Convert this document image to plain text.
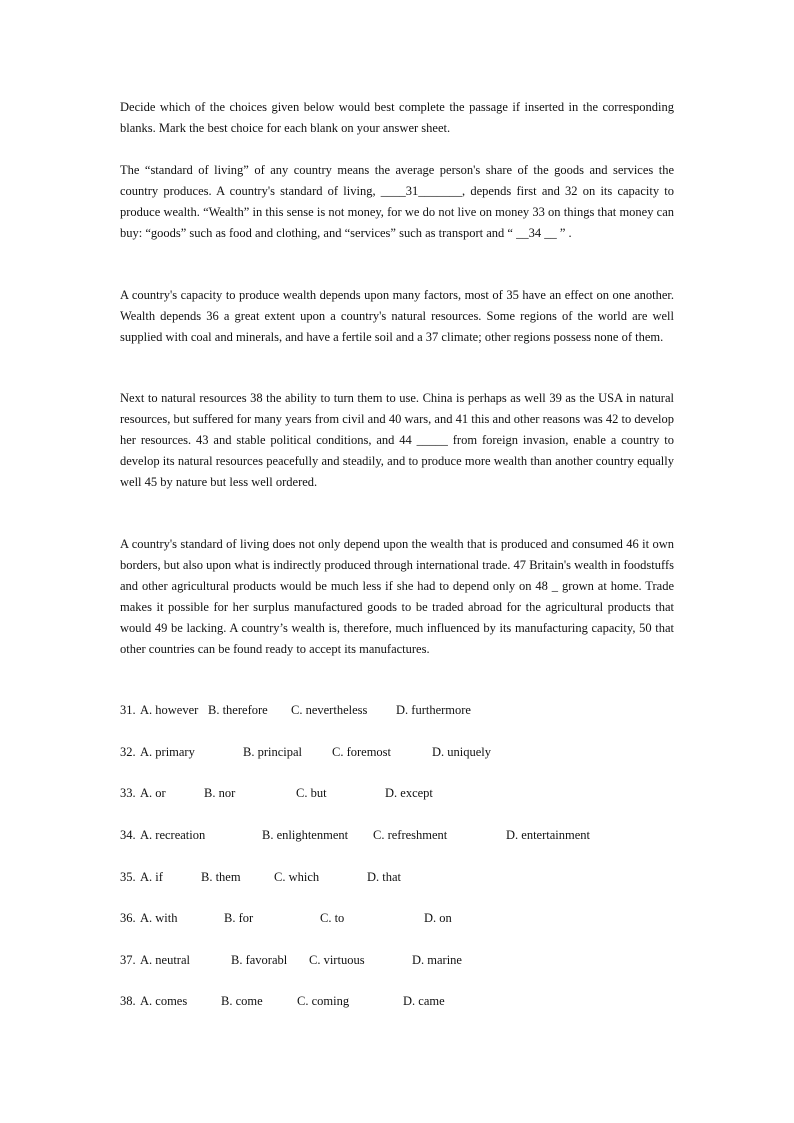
Decide which of the choices given below would best complete the passage if inserted in the corresponding blanks. Mark the best choice for each blank on your answer sheet.

The “standard of living” of any country means the average person's share of the goods and services the country produces. A country's standard of living, ____31_______, depends first and 32 on its capacity to produce wealth. “Wealth” in this sense is not money, for we do not live on money 33 on things that money can buy: “goods” such as food and clothing, and “services” such as transport and “ __34 __ ” .

A country's capacity to produce wealth depends upon many factors, most of 35 have an effect on one another. Wealth depends 36 a great extent upon a country's natural resources. Some regions of the world are well supplied with coal and minerals, and have a fertile soil and a 37 climate; other regions possess none of them.

Next to natural resources 38 the ability to turn them to use. China is perhaps as well 39 as the USA in natural resources, but suffered for many years from civil and 40 wars, and 41 this and other reasons was 42 to develop her resources. 43 and stable political conditions, and 44 _____ from foreign invasion, enable a country to develop its natural resources peacefully and steadily, and to produce more wealth than another country equally well 45 by nature but less well ordered.

A country's standard of living does not only depend upon the wealth that is produced and consumed 46 it own borders, but also upon what is indirectly produced through international trade. 47 Britain's wealth in foodstuffs and other agricultural products would be much less if she had to depend only on 48 _ grown at home. Trade makes it possible for her surplus manufactured goods to be traded abroad for the agricultural products that would 49 be lacking. A country’s wealth is, therefore, much influenced by its manufacturing capacity, 50 that other countries can be found ready to accept its manufactures.

31. A. however B. therefore C. nevertheless D. furthermore
32. A. primary	B. principal C. foremost	D. uniquely
33. A. or	B. nor	C. but	D. except
34. A. recreation	B. enlightenment C. refreshment	D. entertainment
35. A. if	B. them	C. which	D. that
36. A. with	B. for	C. to	D. on
37. A. neutral	B. favorabl C. virtuous	D. marine
38. A. comes	B. come	C. coming	D. came
